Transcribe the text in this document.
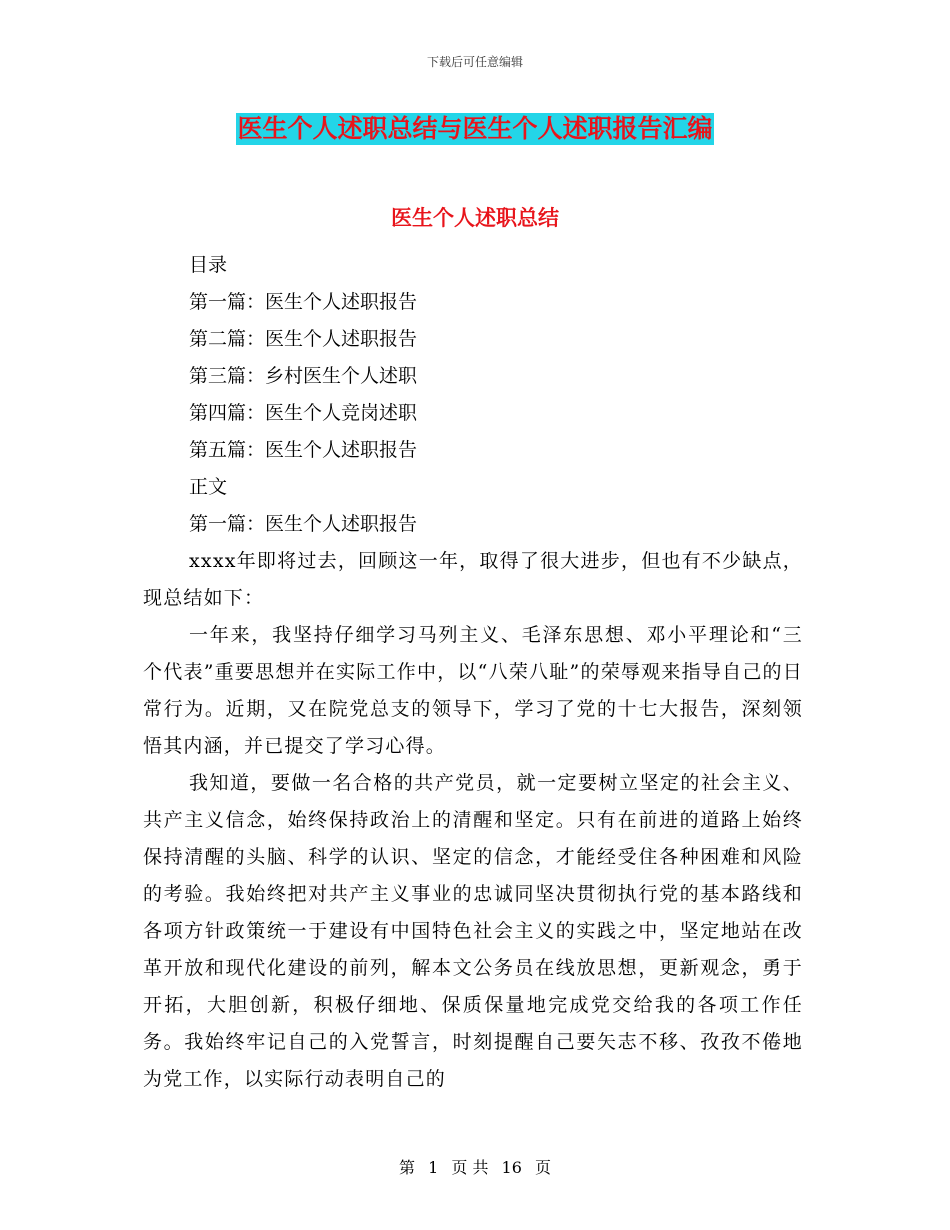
下载后可任意编辑
医生个人述职总结与医生个人述职报告汇编
医生个人述职总结
目录
第一篇：医生个人述职报告
第二篇：医生个人述职报告
第三篇：乡村医生个人述职
第四篇：医生个人竞岗述职
第五篇：医生个人述职报告
正文
第一篇：医生个人述职报告
xxxx年即将过去，回顾这一年，取得了很大进步，但也有不少缺点，现总结如下：
一年来，我坚持仔细学习马列主义、毛泽东思想、邓小平理论和“三个代表”重要思想并在实际工作中，以“八荣八耻”的荣辱观来指导自己的日常行为。近期，又在院党总支的领导下，学习了党的十七大报告，深刻领悟其内涵，并已提交了学习心得。
我知道，要做一名合格的共产党员，就一定要树立坚定的社会主义、共产主义信念，始终保持政治上的清醒和坚定。只有在前进的道路上始终保持清醒的头脑、科学的认识、坚定的信念，才能经受住各种困难和风险的考验。我始终把对共产主义事业的忠诚同坚决贯彻执行党的基本路线和各项方针政策统一于建设有中国特色社会主义的实践之中，坚定地站在改革开放和现代化建设的前列，解本文公务员在线放思想，更新观念，勇于开拓，大胆创新，积极仔细地、保质保量地完成党交给我的各项工作任务。我始终牢记自己的入党誓言，时刻提醒自己要矢志不移、孜孜不倦地为党工作，以实际行动表明自己的
第 1 页 共 16 页
